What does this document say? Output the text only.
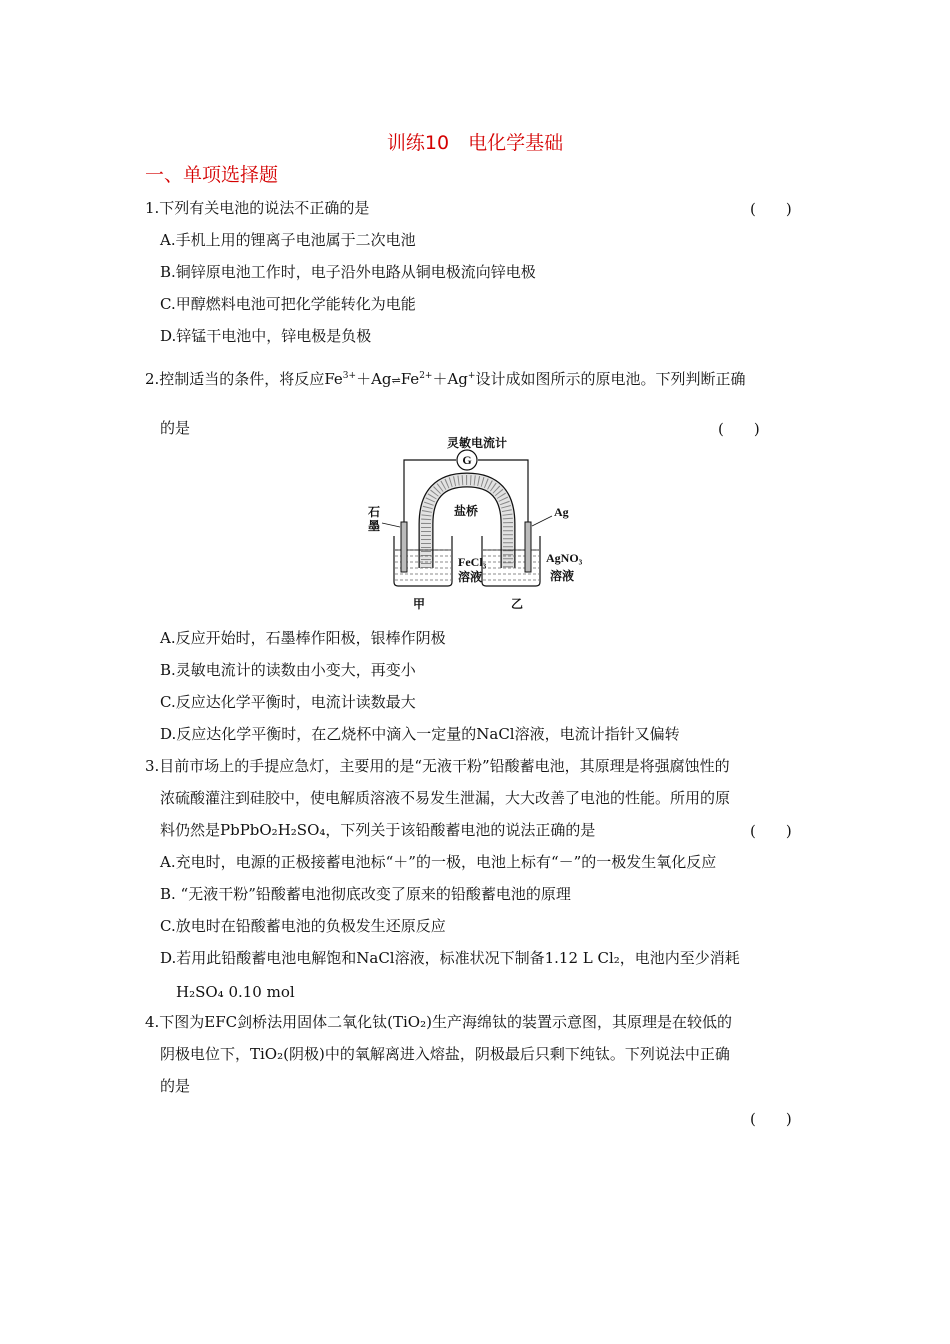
训练10　电化学基础
一、单项选择题
1.下列有关电池的说法不正确的是	(　　)
A.手机上用的锂离子电池属于二次电池
B.铜锌原电池工作时，电子沿外电路从铜电极流向锌电极
C.甲醇燃料电池可把化学能转化为电能
D.锌锰干电池中，锌电极是负极
2.控制适当的条件，将反应$Fe^{3+}+Ag\rightleftharpoons Fe^{2+}+Ag^+$设计成如图所示的原电池。下列判断正确
的是	(　　)
G
灵敏电流计
盐桥
石
墨
Ag
FeCl₃
溶液
AgNO₃
溶液
甲	乙
A.反应开始时，石墨棒作阳极，银棒作阴极
B.灵敏电流计的读数由小变大，再变小
C.反应达化学平衡时，电流计读数最大
D.反应达化学平衡时，在乙烧杯中滴入一定量的NaCl溶液，电流计指针又偏转
3.目前市场上的手提应急灯，主要用的是“无液干粉”铅酸蓄电池，其原理是将强腐蚀性的
浓硫酸灌注到硅胶中，使电解质溶液不易发生泄漏，大大改善了电池的性能。所用的原
料仍然是PbPbO₂H₂SO₄，下列关于该铅酸蓄电池的说法正确的是	(　　)
A.充电时，电源的正极接蓄电池标“＋”的一极，电池上标有“－”的一极发生氧化反应
B. “无液干粉”铅酸蓄电池彻底改变了原来的铅酸蓄电池的原理
C.放电时在铅酸蓄电池的负极发生还原反应
D.若用此铅酸蓄电池电解饱和NaCl溶液，标准状况下制备1.12 L Cl₂，电池内至少消耗
H₂SO₄ 0.10 mol
4.下图为EFC剑桥法用固体二氧化钛(TiO₂)生产海绵钛的装置示意图，其原理是在较低的
阴极电位下，TiO₂(阴极)中的氧解离进入熔盐，阴极最后只剩下纯钛。下列说法中正确
的是
(　　)
